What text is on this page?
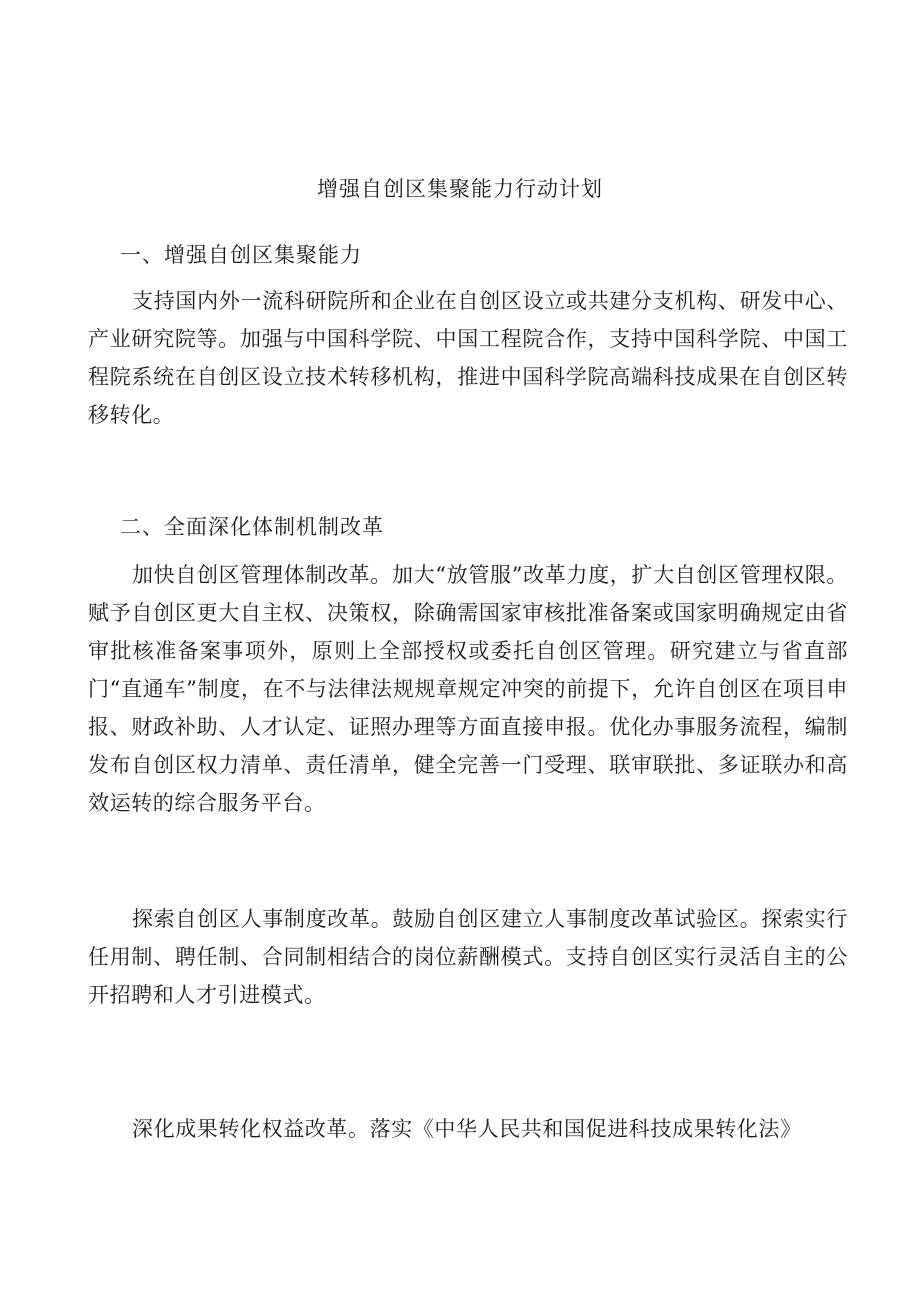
增强自创区集聚能力行动计划
一、增强自创区集聚能力
支持国内外一流科研院所和企业在自创区设立或共建分支机构、研发中心、产业研究院等。加强与中国科学院、中国工程院合作，支持中国科学院、中国工程院系统在自创区设立技术转移机构，推进中国科学院高端科技成果在自创区转移转化。
二、全面深化体制机制改革
加快自创区管理体制改革。加大“放管服”改革力度，扩大自创区管理权限。赋予自创区更大自主权、决策权，除确需国家审核批准备案或国家明确规定由省审批核准备案事项外，原则上全部授权或委托自创区管理。研究建立与省直部门“直通车”制度，在不与法律法规规章规定冲突的前提下，允许自创区在项目申报、财政补助、人才认定、证照办理等方面直接申报。优化办事服务流程，编制发布自创区权力清单、责任清单，健全完善一门受理、联审联批、多证联办和高效运转的综合服务平台。
探索自创区人事制度改革。鼓励自创区建立人事制度改革试验区。探索实行任用制、聘任制、合同制相结合的岗位薪酬模式。支持自创区实行灵活自主的公开招聘和人才引进模式。
深化成果转化权益改革。落实《中华人民共和国促进科技成果转化法》
